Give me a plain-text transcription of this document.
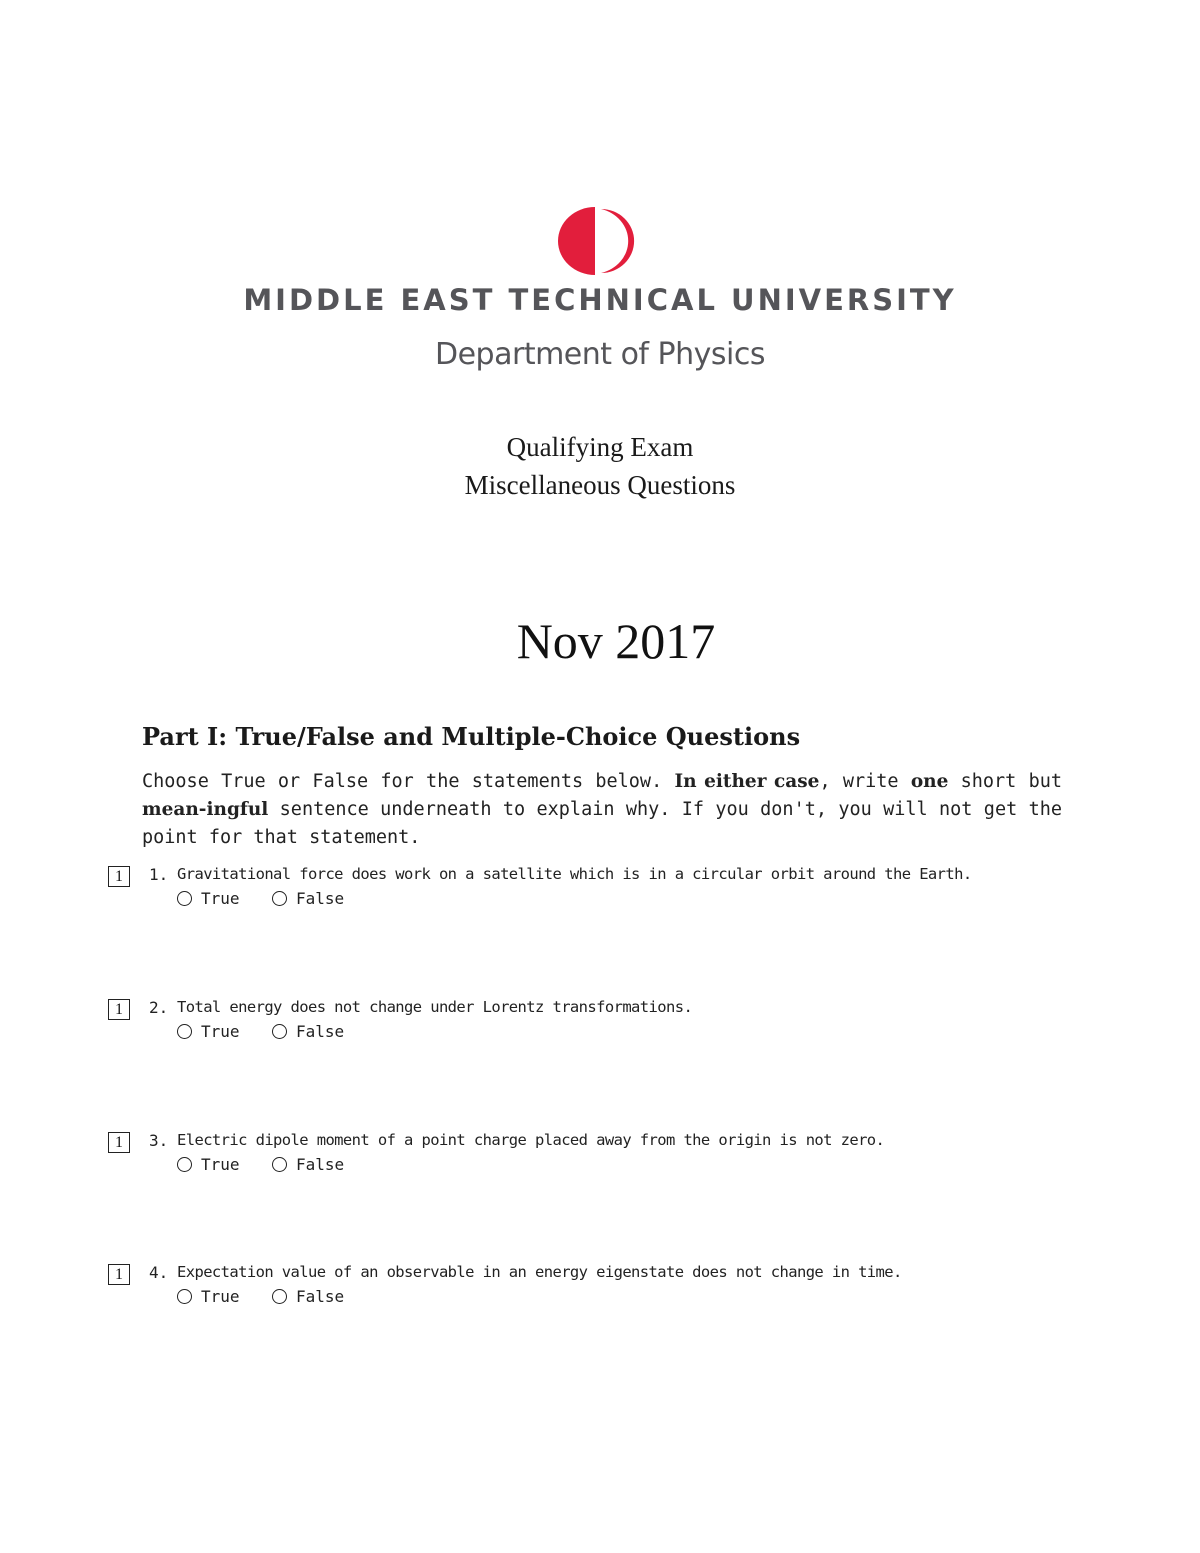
MIDDLE EAST TECHNICAL UNIVERSITY
Department of Physics
Qualifying Exam
Miscellaneous Questions
Nov 2017
Part I: True/False and Multiple-Choice Questions
Choose True or False for the statements below. In either case, write one short but mean-ingful sentence underneath to explain why. If you don't, you will not get the point for that statement.
1	1. Gravitational force does work on a satellite which is in a circular orbit around the Earth.
True	False
1	2. Total energy does not change under Lorentz transformations.
True	False
1	3. Electric dipole moment of a point charge placed away from the origin is not zero.
True	False
1	4. Expectation value of an observable in an energy eigenstate does not change in time.
True	False
